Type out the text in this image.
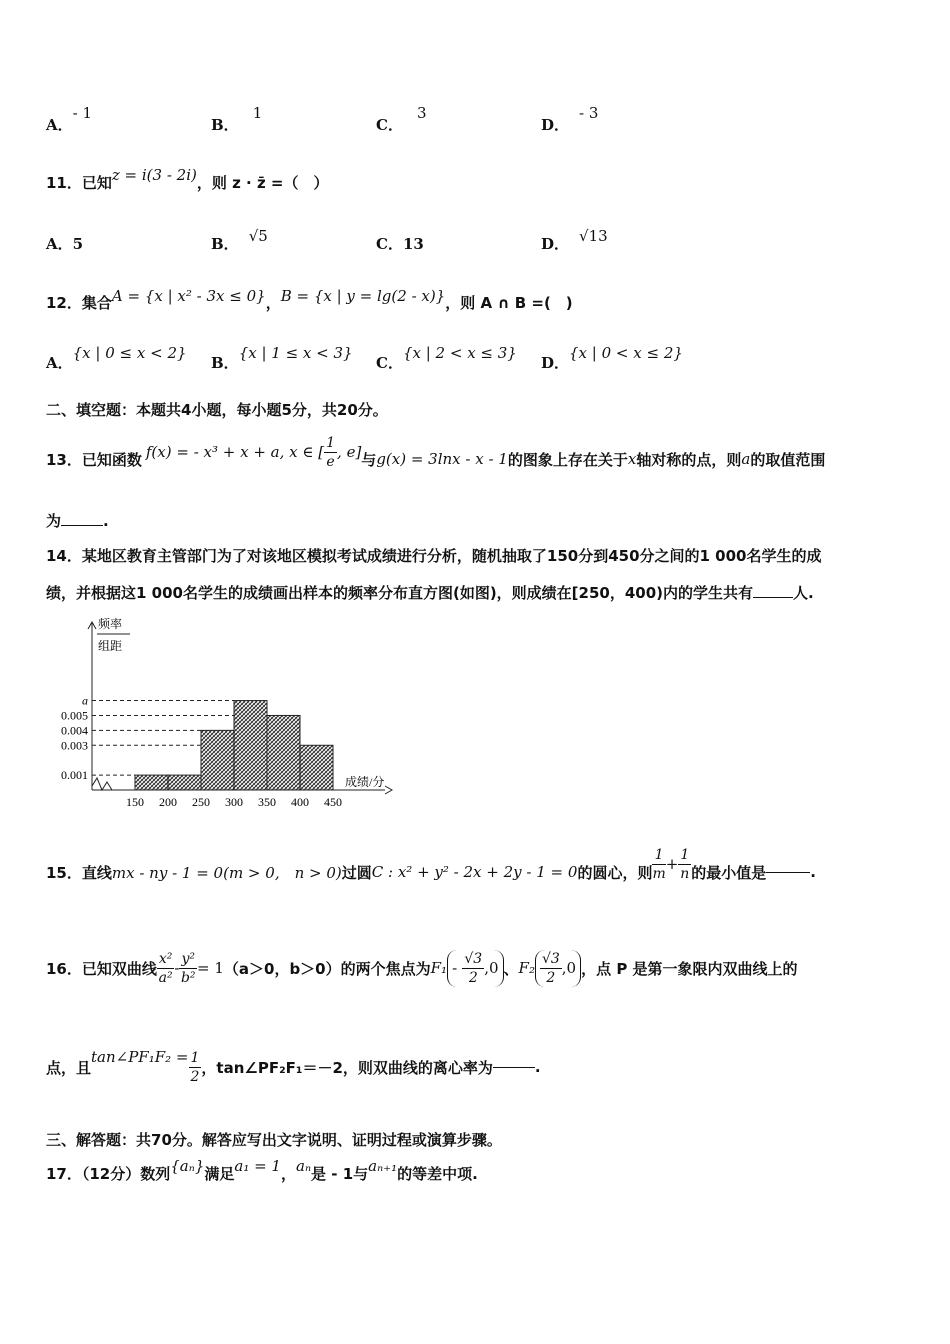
A．- 1
B．1
C．3
D．- 3
11．已知z = i(3 - 2i)，则 z · z̄ =（　）
A．5	B． √5	C．13	D． √13
12．集合A = {x | x² - 3x ≤ 0}，B = {x | y = lg(2 - x)}，则 A ∩ B =(　)
A．{x | 0 ≤ x < 2}
B．{x | 1 ≤ x < 3}
C．{x | 2 < x ≤ 3}
D．{x | 0 < x ≤ 2}
二、填空题：本题共4小题，每小题5分，共20分。
13．已知函数 f(x) = - x³ + x + a, x ∈ [ $\frac{1}{e}$ , e] 与 g(x) = 3lnx - x - 1 的图象上存在关于 x 轴对称的点，则 a 的取值范围
为	.
14．某地区教育主管部门为了对该地区模拟考试成绩进行分析，随机抽取了150分到450分之间的1 000名学生的成
绩，并根据这1 000名学生的成绩画出样本的频率分布直方图(如图)，则成绩在[250，400)内的学生共有	人.
0.001
0.003
0.004
0.005
a
150 200 250 300 350 400 450
频率
组距
成绩/分
15．直线 mx - ny - 1 = 0(m > 0,　n > 0) 过圆 C : x² + y² - 2x + 2y - 1 = 0 的圆心，则 $\frac{1}{m} + \frac{1}{n}$ 的最小值是	.
16．已知双曲线 $\frac{\text{x²}}{\text{a²}} - \frac{\text{y²}}{\text{b²}} = 1$ （a＞0，b＞0）的两个焦点为 $F_1 - \frac{√3}{2} ,0$ 、 $F_2 \frac{√3}{2} ,0$ ，点 P 是第一象限内双曲线上的
点，且
tan∠PF₁F₂ = $\frac{1}{2}$ ，tan∠PF₂F₁＝－2，则双曲线的离心率为	.
三、解答题：共70分。解答应写出文字说明、证明过程或演算步骤。
17．（12分）数列{aₙ}满足a₁ = 1，aₙ是 - 1与aₙ₊₁的等差中项.
